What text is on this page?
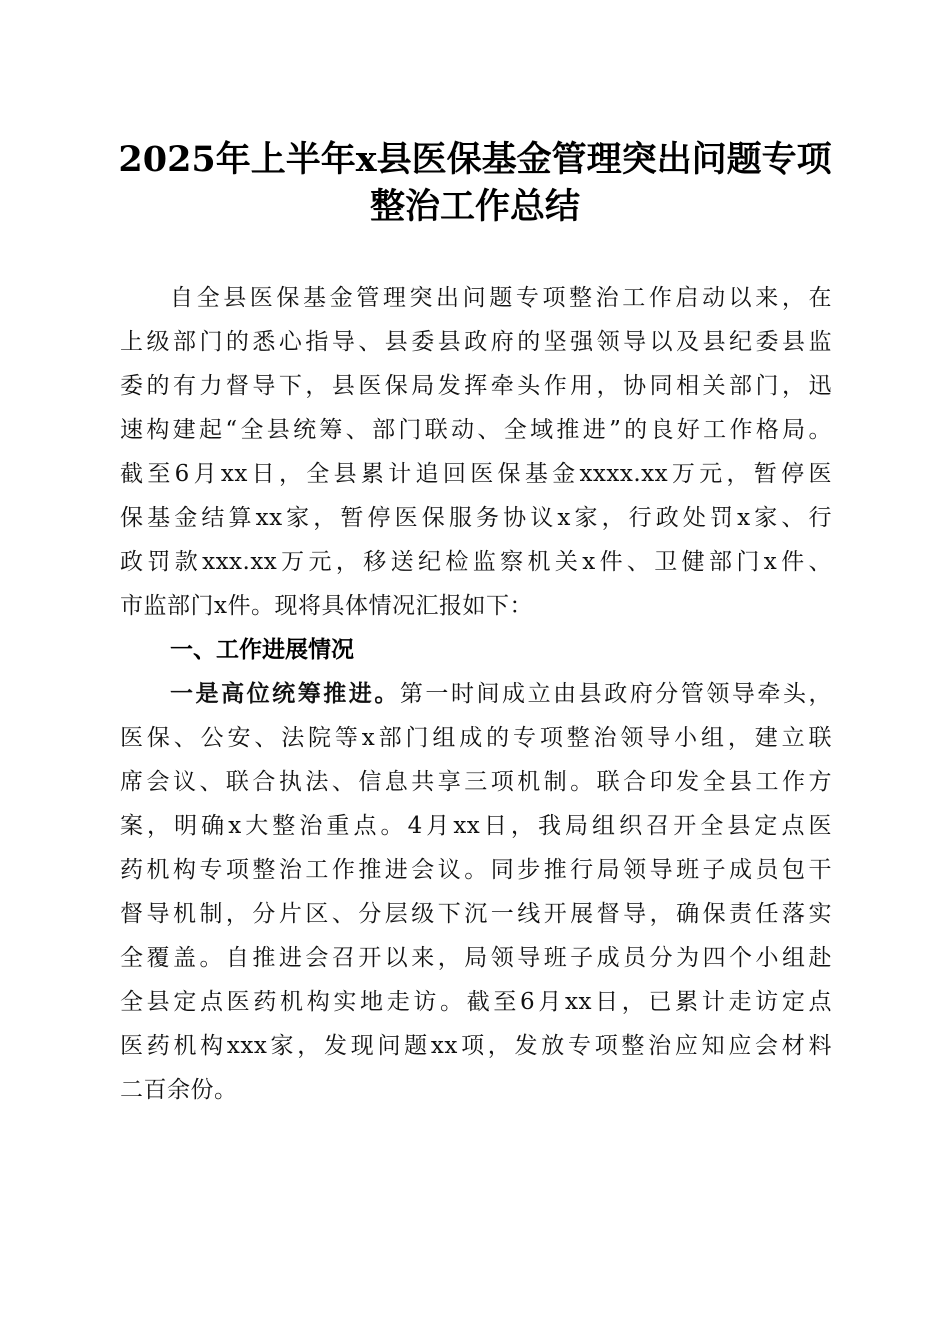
2025年上半年x县医保基金管理突出问题专项
整治工作总结
自全县医保基金管理突出问题专项整治工作启动以来，在
上级部门的悉心指导、县委县政府的坚强领导以及县纪委县监
委的有力督导下，县医保局发挥牵头作用，协同相关部门，迅
速构建起“全县统筹、部门联动、全域推进”的良好工作格局。
截至6月xx日，全县累计追回医保基金xxxx.xx万元，暂停医
保基金结算xx家，暂停医保服务协议x家，行政处罚x家、行
政罚款xxx.xx万元，移送纪检监察机关x件、卫健部门x件、
市监部门x件。现将具体情况汇报如下：
一、工作进展情况
一是高位统筹推进。第一时间成立由县政府分管领导牵头，
医保、公安、法院等x部门组成的专项整治领导小组，建立联
席会议、联合执法、信息共享三项机制。联合印发全县工作方
案，明确x大整治重点。4月xx日，我局组织召开全县定点医
药机构专项整治工作推进会议。同步推行局领导班子成员包干
督导机制，分片区、分层级下沉一线开展督导，确保责任落实
全覆盖。自推进会召开以来，局领导班子成员分为四个小组赴
全县定点医药机构实地走访。截至6月xx日，已累计走访定点
医药机构xxx家，发现问题xx项，发放专项整治应知应会材料
二百余份。
